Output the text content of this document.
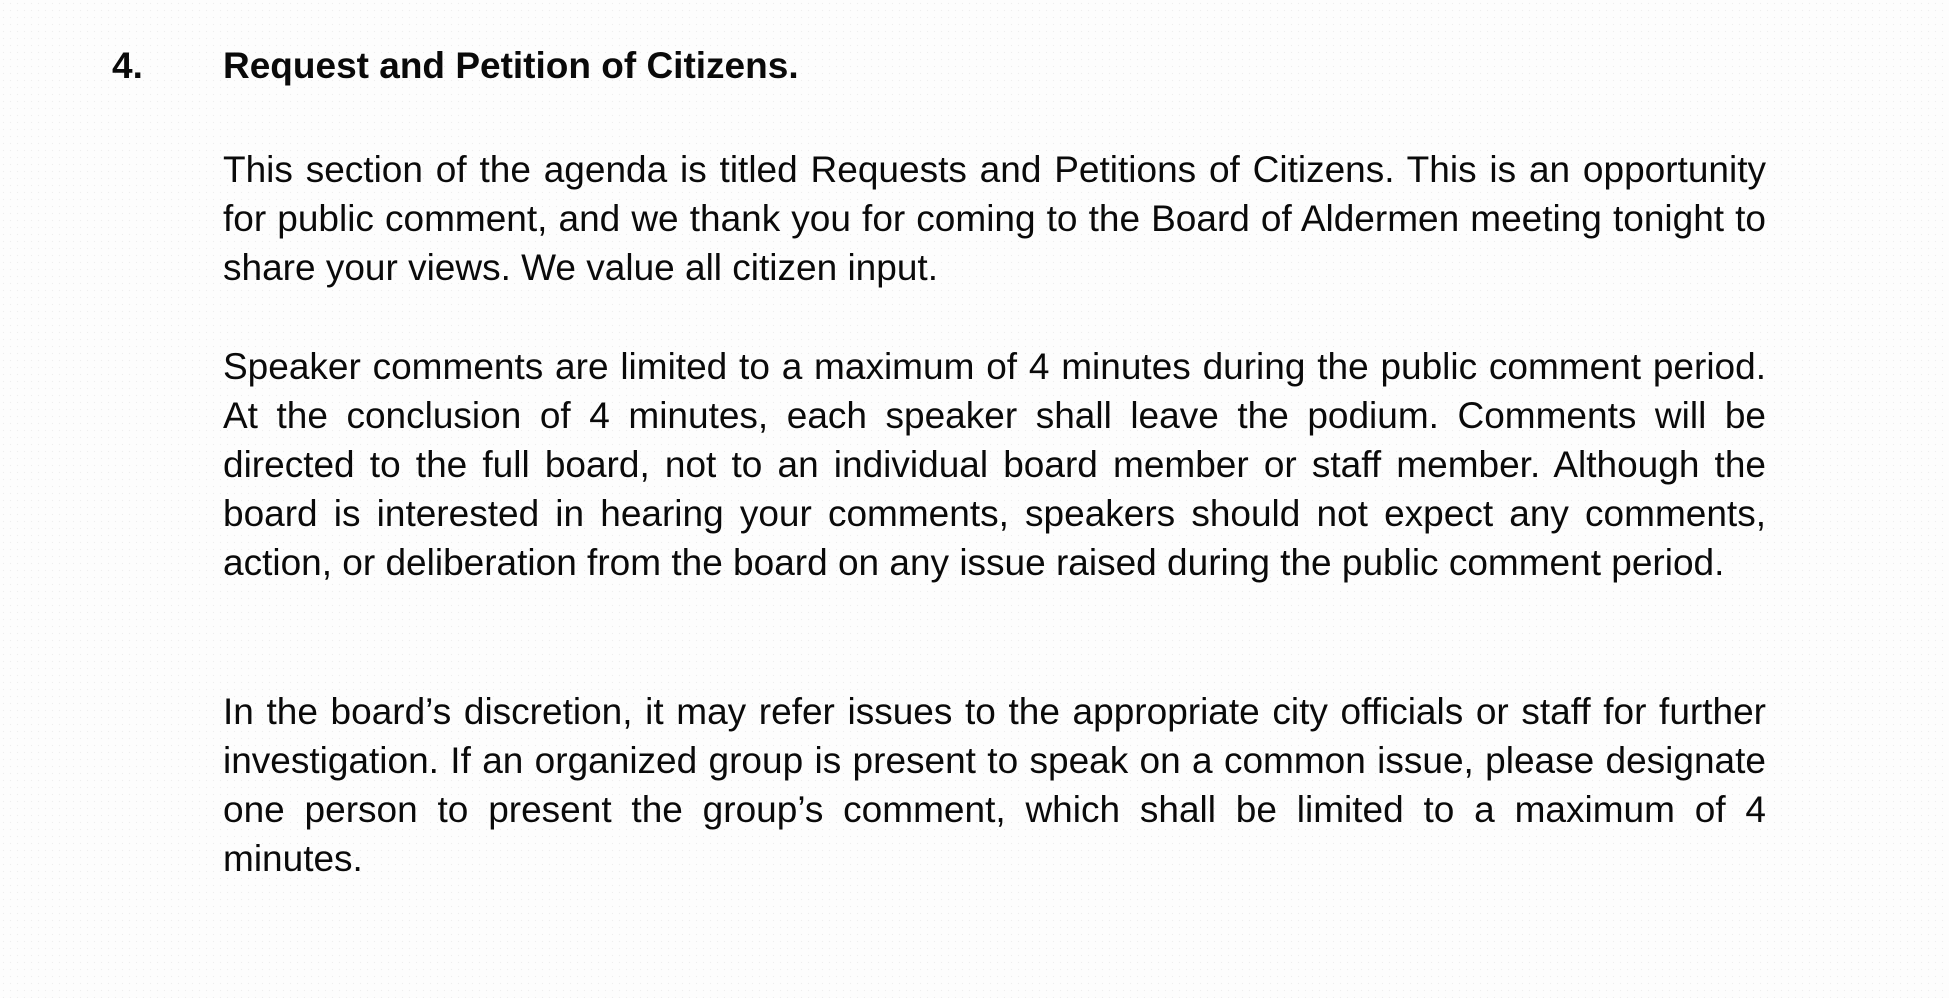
4. Request and Petition of Citizens.

This section of the agenda is titled Requests and Petitions of Citizens. This is an opportunity for public comment, and we thank you for coming to the Board of Aldermen meeting tonight to share your views. We value all citizen input.

Speaker comments are limited to a maximum of 4 minutes during the public comment period. At the conclusion of 4 minutes, each speaker shall leave the podium. Comments will be directed to the full board, not to an individual board member or staff member. Although the board is interested in hearing your comments, speakers should not expect any comments, action, or deliberation from the board on any issue raised during the public comment period.

In the board’s discretion, it may refer issues to the appropriate city officials or staff for further investigation. If an organized group is present to speak on a common issue, please designate one person to present the group’s comment, which shall be limited to a maximum of 4 minutes.
